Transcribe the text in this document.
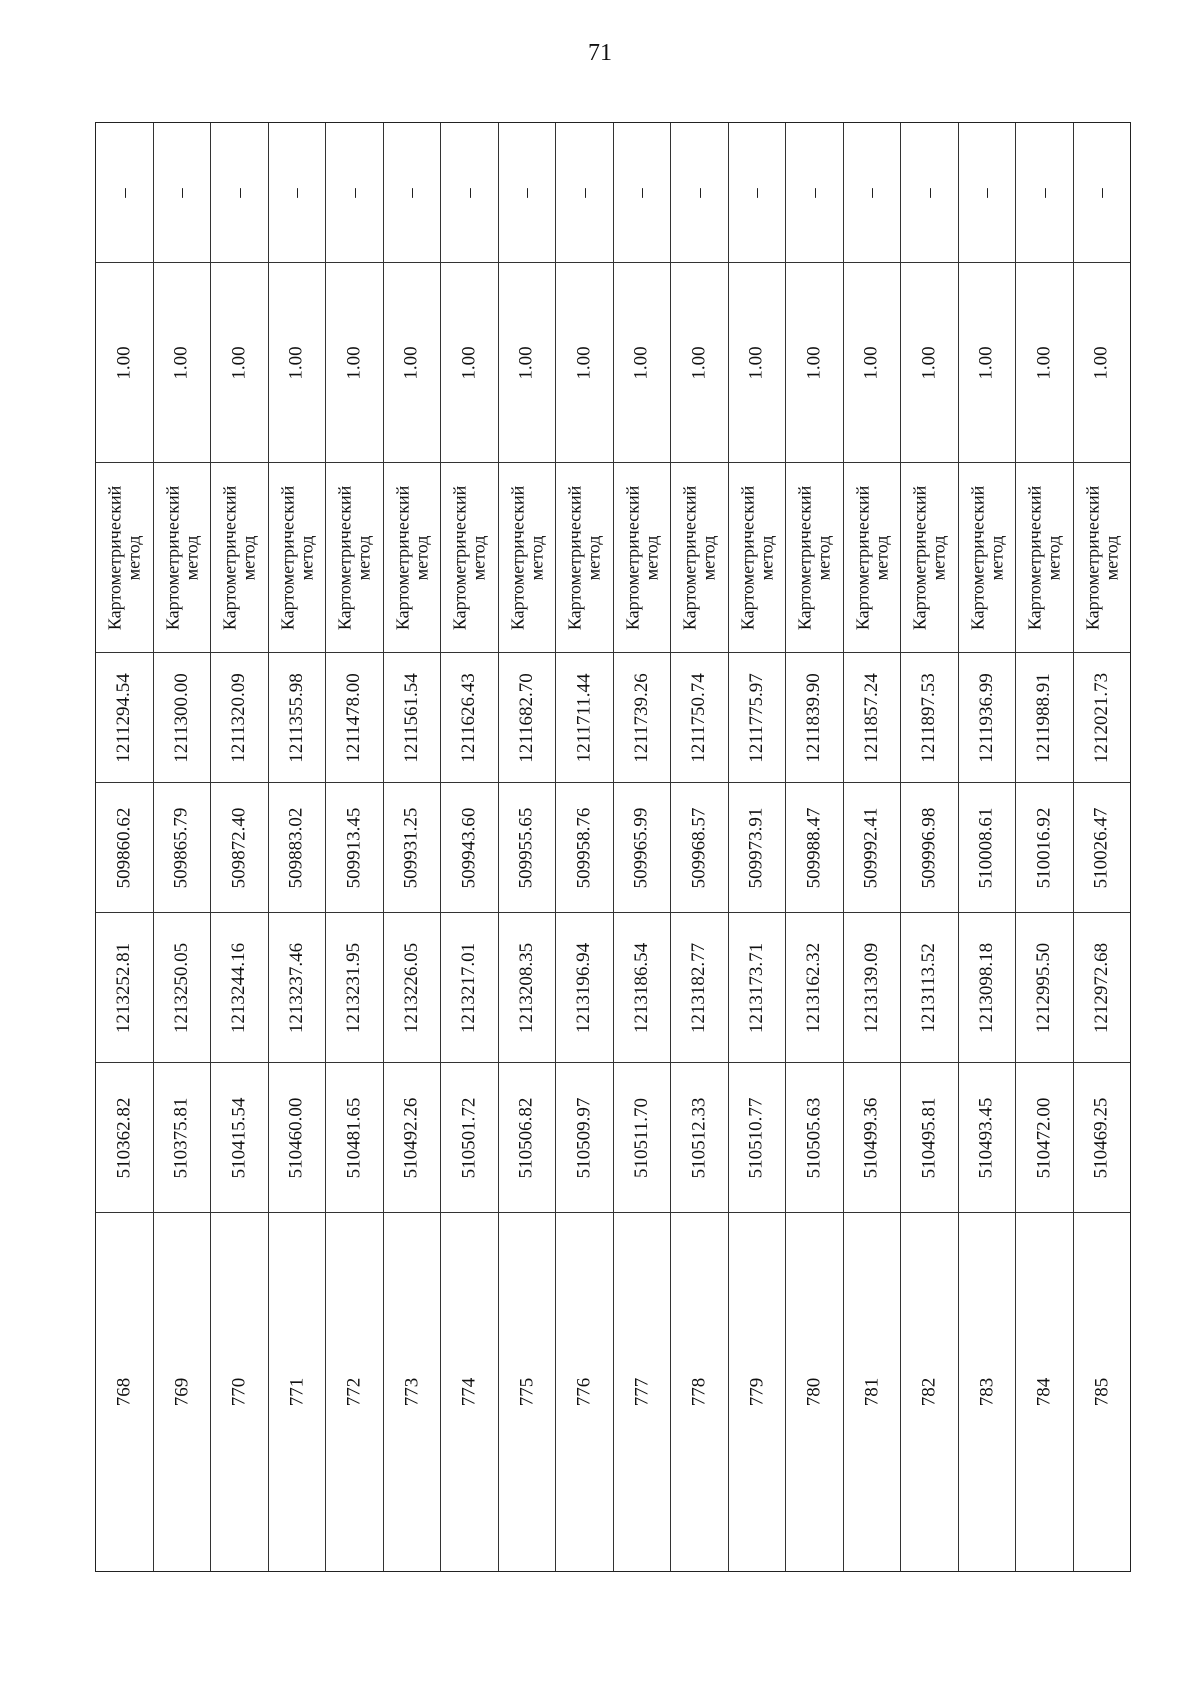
71
–
1.00
Картометрический
метод
1211294.54
509860.62
1213252.81
510362.82
768
–
1.00
Картометрический
метод
1211300.00
509865.79
1213250.05
510375.81
769
–
1.00
Картометрический
метод
1211320.09
509872.40
1213244.16
510415.54
770
–
1.00
Картометрический
метод
1211355.98
509883.02
1213237.46
510460.00
771
–
1.00
Картометрический
метод
1211478.00
509913.45
1213231.95
510481.65
772
–
1.00
Картометрический
метод
1211561.54
509931.25
1213226.05
510492.26
773
–
1.00
Картометрический
метод
1211626.43
509943.60
1213217.01
510501.72
774
–
1.00
Картометрический
метод
1211682.70
509955.65
1213208.35
510506.82
775
–
1.00
Картометрический
метод
1211711.44
509958.76
1213196.94
510509.97
776
–
1.00
Картометрический
метод
1211739.26
509965.99
1213186.54
510511.70
777
–
1.00
Картометрический
метод
1211750.74
509968.57
1213182.77
510512.33
778
–
1.00
Картометрический
метод
1211775.97
509973.91
1213173.71
510510.77
779
–
1.00
Картометрический
метод
1211839.90
509988.47
1213162.32
510505.63
780
–
1.00
Картометрический
метод
1211857.24
509992.41
1213139.09
510499.36
781
–
1.00
Картометрический
метод
1211897.53
509996.98
1213113.52
510495.81
782
–
1.00
Картометрический
метод
1211936.99
510008.61
1213098.18
510493.45
783
–
1.00
Картометрический
метод
1211988.91
510016.92
1212995.50
510472.00
784
–
1.00
Картометрический
метод
1212021.73
510026.47
1212972.68
510469.25
785
